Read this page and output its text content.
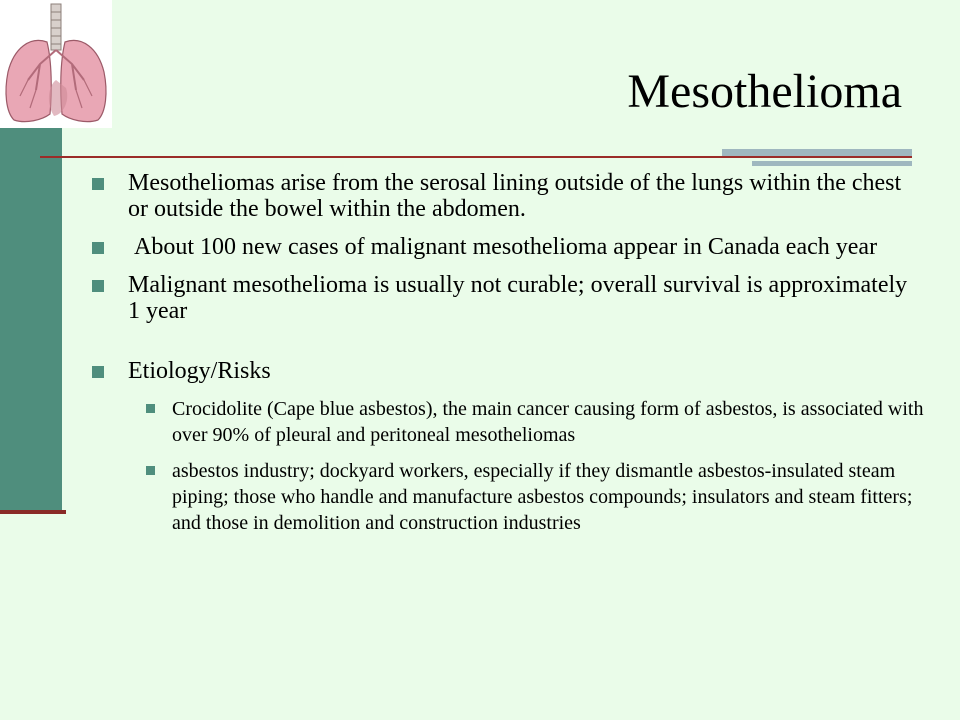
Mesothelioma
Mesotheliomas arise from the serosal lining outside of the lungs within the chest or outside the bowel within the abdomen.
About 100 new cases of malignant mesothelioma appear in Canada each year
Malignant mesothelioma is usually not curable; overall survival is approximately 1 year
Etiology/Risks
Crocidolite (Cape blue asbestos), the main cancer causing form of asbestos, is associated with over 90% of pleural and peritoneal mesotheliomas
asbestos industry; dockyard workers, especially if they dismantle asbestos-insulated steam piping; those who handle and manufacture asbestos compounds; insulators and steam fitters; and those in demolition and construction industries
